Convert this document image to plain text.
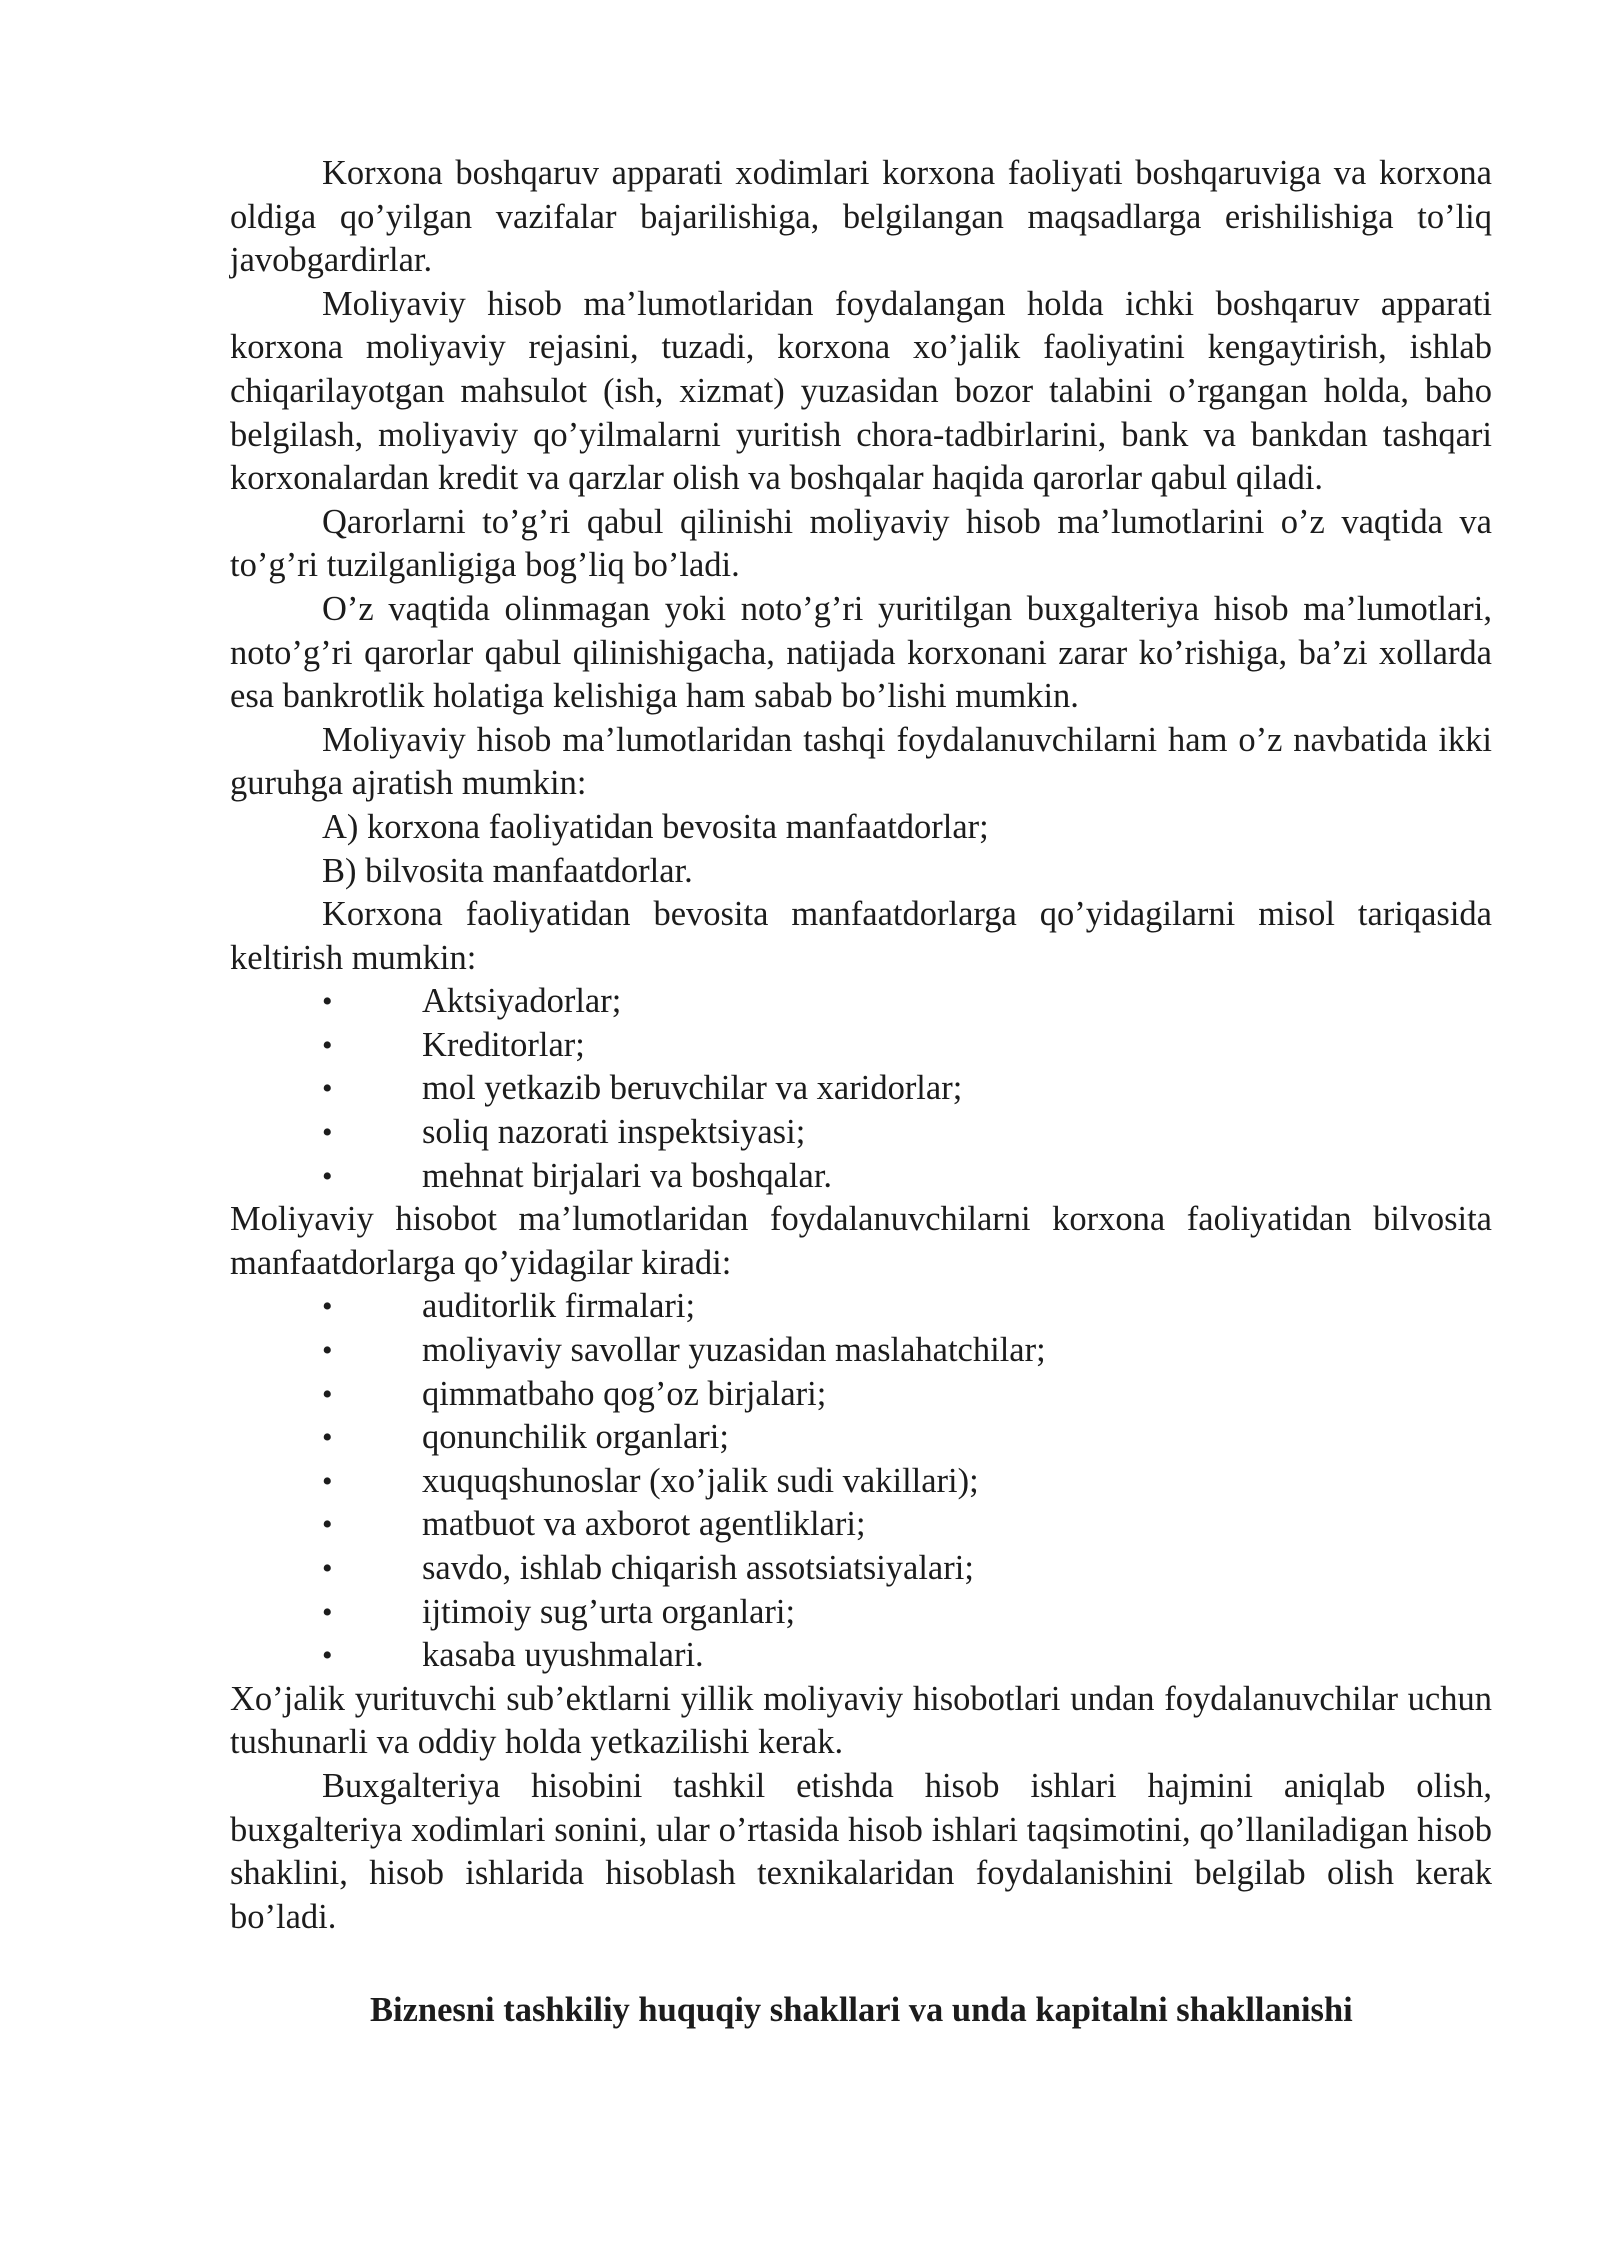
Korxona boshqaruv apparati xodimlari korxona faoliyati boshqaruviga va korxona oldiga qo’yilgan vazifalar bajarilishiga, belgilangan maqsadlarga erishilishiga to’liq javobgardirlar.

Moliyaviy hisob ma’lumotlaridan foydalangan holda ichki boshqaruv apparati korxona moliyaviy rejasini, tuzadi, korxona xo’jalik faoliyatini kengaytirish, ishlab chiqarilayotgan mahsulot (ish, xizmat) yuzasidan bozor talabini o’rgangan holda, baho belgilash, moliyaviy qo’yilmalarni yuritish chora-tadbirlarini, bank va bankdan tashqari korxonalardan kredit va qarzlar olish va boshqalar haqida qarorlar qabul qiladi.

Qarorlarni to’g’ri qabul qilinishi moliyaviy hisob ma’lumotlarini o’z vaqtida va to’g’ri tuzilganligiga bog’liq bo’ladi.

O’z vaqtida olinmagan yoki noto’g’ri yuritilgan buxgalteriya hisob ma’lumotlari, noto’g’ri qarorlar qabul qilinishigacha, natijada korxonani zarar ko’rishiga, ba’zi xollarda esa bankrotlik holatiga kelishiga ham sabab bo’lishi mumkin.

Moliyaviy hisob ma’lumotlaridan tashqi foydalanuvchilarni ham o’z navbatida ikki guruhga ajratish mumkin:

A) korxona faoliyatidan bevosita manfaatdorlar;

B) bilvosita manfaatdorlar.

Korxona faoliyatidan bevosita manfaatdorlarga qo’yidagilarni misol tariqasida keltirish mumkin:

•	Aktsiyadorlar;
•	Kreditorlar;
•	mol yetkazib beruvchilar va xaridorlar;
•	soliq nazorati inspektsiyasi;
•	mehnat birjalari va boshqalar.

Moliyaviy hisobot ma’lumotlaridan foydalanuvchilarni korxona faoliyatidan bilvosita manfaatdorlarga qo’yidagilar kiradi:

•	auditorlik firmalari;
•	moliyaviy savollar yuzasidan maslahatchilar;
•	qimmatbaho qog’oz birjalari;
•	qonunchilik organlari;
•	xuquqshunoslar (xo’jalik sudi vakillari);
•	matbuot va axborot agentliklari;
•	savdo, ishlab chiqarish assotsiatsiyalari;
•	ijtimoiy sug’urta organlari;
•	kasaba uyushmalari.

Xo’jalik yurituvchi sub’ektlarni yillik moliyaviy hisobotlari undan foydalanuvchilar uchun tushunarli va oddiy holda yetkazilishi kerak.

Buxgalteriya hisobini tashkil etishda hisob ishlari hajmini aniqlab olish, buxgalteriya xodimlari sonini, ular o’rtasida hisob ishlari taqsimotini, qo’llaniladigan hisob shaklini, hisob ishlarida hisoblash texnikalaridan foydalanishini belgilab olish kerak bo’ladi.

Biznesni tashkiliy huquqiy shakllari va unda kapitalni shakllanishi
